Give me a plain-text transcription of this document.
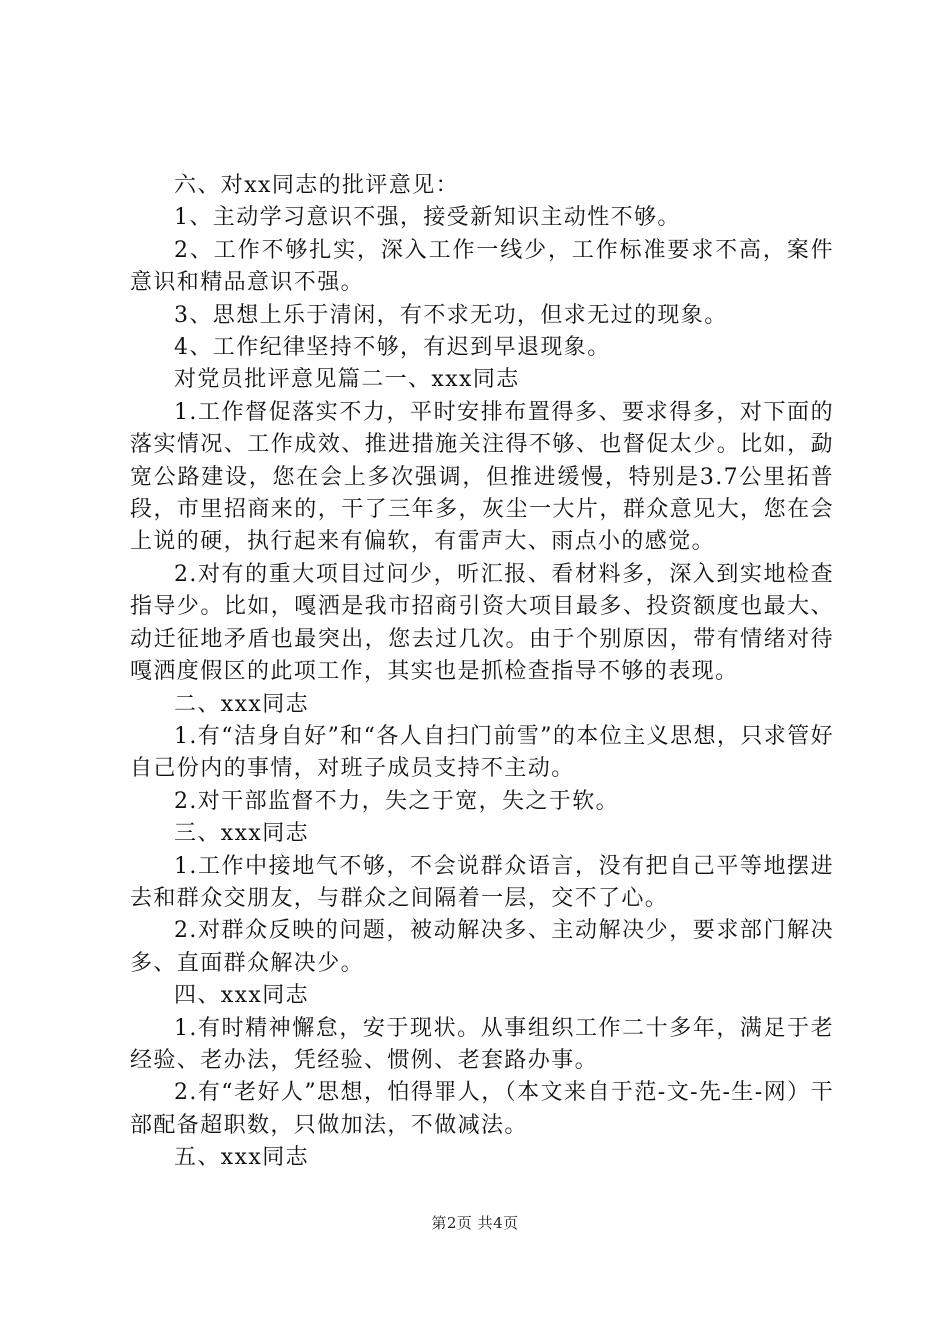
六、对xx同志的批评意见：

1、主动学习意识不强，接受新知识主动性不够。

2、工作不够扎实，深入工作一线少，工作标准要求不高，案件意识和精品意识不强。

3、思想上乐于清闲，有不求无功，但求无过的现象。

4、工作纪律坚持不够，有迟到早退现象。

对党员批评意见篇二一、xxx同志

1.工作督促落实不力，平时安排布置得多、要求得多，对下面的落实情况、工作成效、推进措施关注得不够、也督促太少。比如，勐宽公路建设，您在会上多次强调，但推进缓慢，特别是3.7公里拓普段，市里招商来的，干了三年多，灰尘一大片，群众意见大，您在会上说的硬，执行起来有偏软，有雷声大、雨点小的感觉。

2.对有的重大项目过问少，听汇报、看材料多，深入到实地检查指导少。比如，嘎洒是我市招商引资大项目最多、投资额度也最大、动迁征地矛盾也最突出，您去过几次。由于个别原因，带有情绪对待嘎洒度假区的此项工作，其实也是抓检查指导不够的表现。

二、xxx同志

1.有“洁身自好”和“各人自扫门前雪”的本位主义思想，只求管好自己份内的事情，对班子成员支持不主动。

2.对干部监督不力，失之于宽，失之于软。

三、xxx同志

1.工作中接地气不够，不会说群众语言，没有把自己平等地摆进去和群众交朋友，与群众之间隔着一层，交不了心。

2.对群众反映的问题，被动解决多、主动解决少，要求部门解决多、直面群众解决少。

四、xxx同志

1.有时精神懈怠，安于现状。从事组织工作二十多年，满足于老经验、老办法，凭经验、惯例、老套路办事。

2.有“老好人”思想，怕得罪人，（本文来自于范-文-先-生-网）干部配备超职数，只做加法，不做减法。

五、xxx同志

第2页 共4页
